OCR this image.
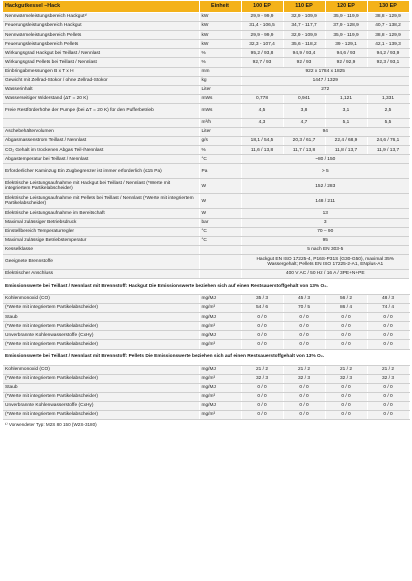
Hackgutkessel –Hack	Einheit	100 EP	110 EP	120 EP	130 EP
Nennwärmeleistungsbereich Hackgut¹⁾	kW	29,9 - 99,9	32,9 - 109,9	35,9 - 119,9	38,8 - 129,9
Feuerungsleistungsbereich Hackgut	kW	31,4 - 106,5	34,7 - 117,7	37,9 - 128,9	40,7 - 138,2
Nennwärmeleistungsbereich Pellets	kW	29,9 - 99,9	32,9 - 109,9	35,9 - 119,9	38,8 - 129,9
Feuerungsleistungsbereich Pellets	kW	32,3 - 107,4	35,6 - 118,2	39 - 129,1	42,1 - 139,3
Wirkungsgrad Hackgut bei Teillast / Nennlast	%	95,2 / 93,8	94,9 / 93,4	94,6 / 93	94,2 / 93,9
Wirkungsgrad Pellets bei Teillast / Nennlast	%	92,7 / 93	92 / 93	92 / 92,9	92,3 / 93,1
Einbringabmessungen B x T x H	mm	922 x 1784 x 1825			
Gewicht mit Zellrad-Stokor / ohne Zellrad-Stokor	kg	1447 / 1329			
Wasserinhalt	Liter	272			
Wasserseitiger Widerstand (ΔT = 20 K)	mWs	0,778	0,941	1,121	1,331
Freie Restförderhöhe der Pumpe (bei ΔT = 20 K) für den Pufferbetrieb	mWs	4,5	3,8	3,1	2,5
	m³/h	4,3	4,7	5,1	5,5
Aschebehältervolumen	Liter	94			
Abgasmassenstrom Teillast / Nennlast	g/s	18,1 / 54,5	20,3 / 61,7	22,4 / 68,9	24,6 / 76,1
CO₂ Gehalt im trockenen Abgas Teil-/Nennlast	%	11,6 / 13,8	11,7 / 13,8	11,8 / 13,7	11,9 / 13,7
Abgastemperatur bei Teillast / Nennlast	°C	~80 / 150			
Erforderlicher Kaminzug Ein Zugbegrenzer ist immer erforderlich (≤15 Pa)	Pa	> 5			
Elektrische Leistungsaufnahme mit Hackgut bei Teillast / Nennlast (*Werte mit integriertem Partikelabscheider)	W	152 / 283			
Elektrische Leistungsaufnahme mit Pellets bei Teillast / Nennlast (*Werte mit integriertem Partikelabscheider)	W	148 / 211			
Elektrische Leistungsaufnahme im Bereitschaft	W	13			
Maximal zulässiger Betriebsdruck	bar	3			
Einstellbereich Temperaturregler	°C	70 – 90			
Maximal zulässige Betriebstemperatur	°C	95			
Kesselklasse		5 nach EN 303-5			
Geeignete Brennstoffe		Hackgut EN ISO 17225-4, P16S-P31S (G30-G50), maximal 35% Wassergehalt; Pellets EN ISO 17225-2-A1, ENplus-A1			
Elektrischer Anschluss		400 V AC / 50 Hz / 16 A / 3PE+N+PE			
Emissionswerte bei Teillast / Nennlast mit Brennstoff: Hackgut Die Emissionswerte beziehen sich auf einen Restsauerstoffgehalt von 13% O₂.					
Kohlenmonoxid (CO)	mg/MJ	35 / 3	45 / 3	56 / 2	48 / 3
(*Werte mit integriertem Partikelabscheider)	mg/m³	54 / 6	70 / 5	86 / 4	74 / 4
Staub	mg/MJ	0 / 0	0 / 0	0 / 0	0 / 0
(*Werte mit integriertem Partikelabscheider)	mg/m³	0 / 0	0 / 0	0 / 0	0 / 0
Unverbrannte Kohlenwasserstoffe (CxHy)	mg/MJ	0 / 0	0 / 0	0 / 0	0 / 0
(*Werte mit integriertem Partikelabscheider)	mg/m³	0 / 0	0 / 0	0 / 0	0 / 0
Emissionswerte bei Teillast / Nennlast mit Brennstoff: Pellets Die Emissionswerte beziehen sich auf einen Restsauerstoffgehalt von 13% O₂.					
Kohlenmonoxid (CO)	mg/MJ	21 / 2	21 / 2	21 / 2	21 / 2
(*Werte mit integriertem Partikelabscheider)	mg/m³	32 / 3	32 / 3	32 / 3	32 / 3
Staub	mg/MJ	0 / 0	0 / 0	0 / 0	0 / 0
(*Werte mit integriertem Partikelabscheider)	mg/m³	0 / 0	0 / 0	0 / 0	0 / 0
Unverbrannte Kohlenwasserstoffe (CxHy)	mg/MJ	0 / 0	0 / 0	0 / 0	0 / 0
(*Werte mit integriertem Partikelabscheider)	mg/m³	0 / 0	0 / 0	0 / 0	0 / 0
¹⁾ Vorwendeter Typ: M2S 80 150 (W2S-3180)
